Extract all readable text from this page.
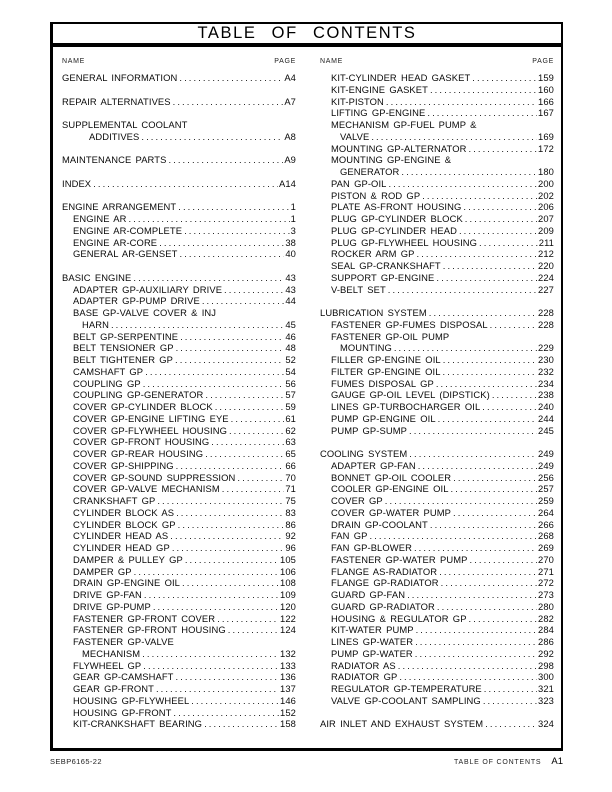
TABLE OF CONTENTS
NAME	PAGE
GENERAL INFORMATION .....	A4
REPAIR ALTERNATIVES .....	A7
SUPPLEMENTAL COOLANT
ADDITIVES .....	A8
MAINTENANCE PARTS .....	A9
INDEX .....	A14
ENGINE ARRANGEMENT .....	1
ENGINE AR .....	1
ENGINE AR-COMPLETE .....	3
ENGINE AR-CORE .....	38
GENERAL AR-GENSET .....	40
BASIC ENGINE .....	43
ADAPTER GP-AUXILIARY DRIVE .....	43
ADAPTER GP-PUMP DRIVE .....	44
BASE GP-VALVE COVER & INJ
HARN .....	45
BELT GP-SERPENTINE .....	46
BELT TENSIONER GP .....	48
BELT TIGHTENER GP .....	52
CAMSHAFT GP .....	54
COUPLING GP .....	56
COUPLING GP-GENERATOR .....	57
COVER GP-CYLINDER BLOCK .....	59
COVER GP-ENGINE LIFTING EYE .....	61
COVER GP-FLYWHEEL HOUSING .....	62
COVER GP-FRONT HOUSING .....	63
COVER GP-REAR HOUSING .....	65
COVER GP-SHIPPING .....	66
COVER GP-SOUND SUPPRESSION .....	70
COVER GP-VALVE MECHANISM .....	71
CRANKSHAFT GP .....	75
CYLINDER BLOCK AS .....	83
CYLINDER BLOCK GP .....	86
CYLINDER HEAD AS .....	92
CYLINDER HEAD GP .....	96
DAMPER & PULLEY GP .....	105
DAMPER GP .....	106
DRAIN GP-ENGINE OIL .....	108
DRIVE GP-FAN .....	109
DRIVE GP-PUMP .....	120
FASTENER GP-FRONT COVER .....	122
FASTENER GP-FRONT HOUSING .....	124
FASTENER GP-VALVE
MECHANISM .....	132
FLYWHEEL GP .....	133
GEAR GP-CAMSHAFT .....	136
GEAR GP-FRONT .....	137
HOUSING GP-FLYWHEEL .....	146
HOUSING GP-FRONT .....	152
KIT-CRANKSHAFT BEARING .....	158
NAME	PAGE
KIT-CYLINDER HEAD GASKET .....	159
KIT-ENGINE GASKET .....	160
KIT-PISTON .....	166
LIFTING GP-ENGINE .....	167
MECHANISM GP-FUEL PUMP &
VALVE .....	169
MOUNTING GP-ALTERNATOR .....	172
MOUNTING GP-ENGINE &
GENERATOR .....	180
PAN GP-OIL .....	200
PISTON & ROD GP .....	202
PLATE AS-FRONT HOUSING .....	206
PLUG GP-CYLINDER BLOCK .....	207
PLUG GP-CYLINDER HEAD .....	209
PLUG GP-FLYWHEEL HOUSING .....	211
ROCKER ARM GP .....	212
SEAL GP-CRANKSHAFT .....	220
SUPPORT GP-ENGINE .....	224
V-BELT SET .....	227
LUBRICATION SYSTEM .....	228
FASTENER GP-FUMES DISPOSAL .....	228
FASTENER GP-OIL PUMP
MOUNTING .....	229
FILLER GP-ENGINE OIL .....	230
FILTER GP-ENGINE OIL .....	232
FUMES DISPOSAL GP .....	234
GAUGE GP-OIL LEVEL (DIPSTICK) .....	238
LINES GP-TURBOCHARGER OIL .....	240
PUMP GP-ENGINE OIL .....	244
PUMP GP-SUMP .....	245
COOLING SYSTEM .....	249
ADAPTER GP-FAN .....	249
BONNET GP-OIL COOLER .....	256
COOLER GP-ENGINE OIL .....	257
COVER GP .....	259
COVER GP-WATER PUMP .....	264
DRAIN GP-COOLANT .....	266
FAN GP .....	268
FAN GP-BLOWER .....	269
FASTENER GP-WATER PUMP .....	270
FLANGE AS-RADIATOR .....	271
FLANGE GP-RADIATOR .....	272
GUARD GP-FAN .....	273
GUARD GP-RADIATOR .....	280
HOUSING & REGULATOR GP .....	282
KIT-WATER PUMP .....	284
LINES GP-WATER .....	286
PUMP GP-WATER .....	292
RADIATOR AS .....	298
RADIATOR GP .....	300
REGULATOR GP-TEMPERATURE .....	321
VALVE GP-COOLANT SAMPLING .....	323
AIR INLET AND EXHAUST SYSTEM .....	324
SEBP6165-22	TABLE OF CONTENTS A1
